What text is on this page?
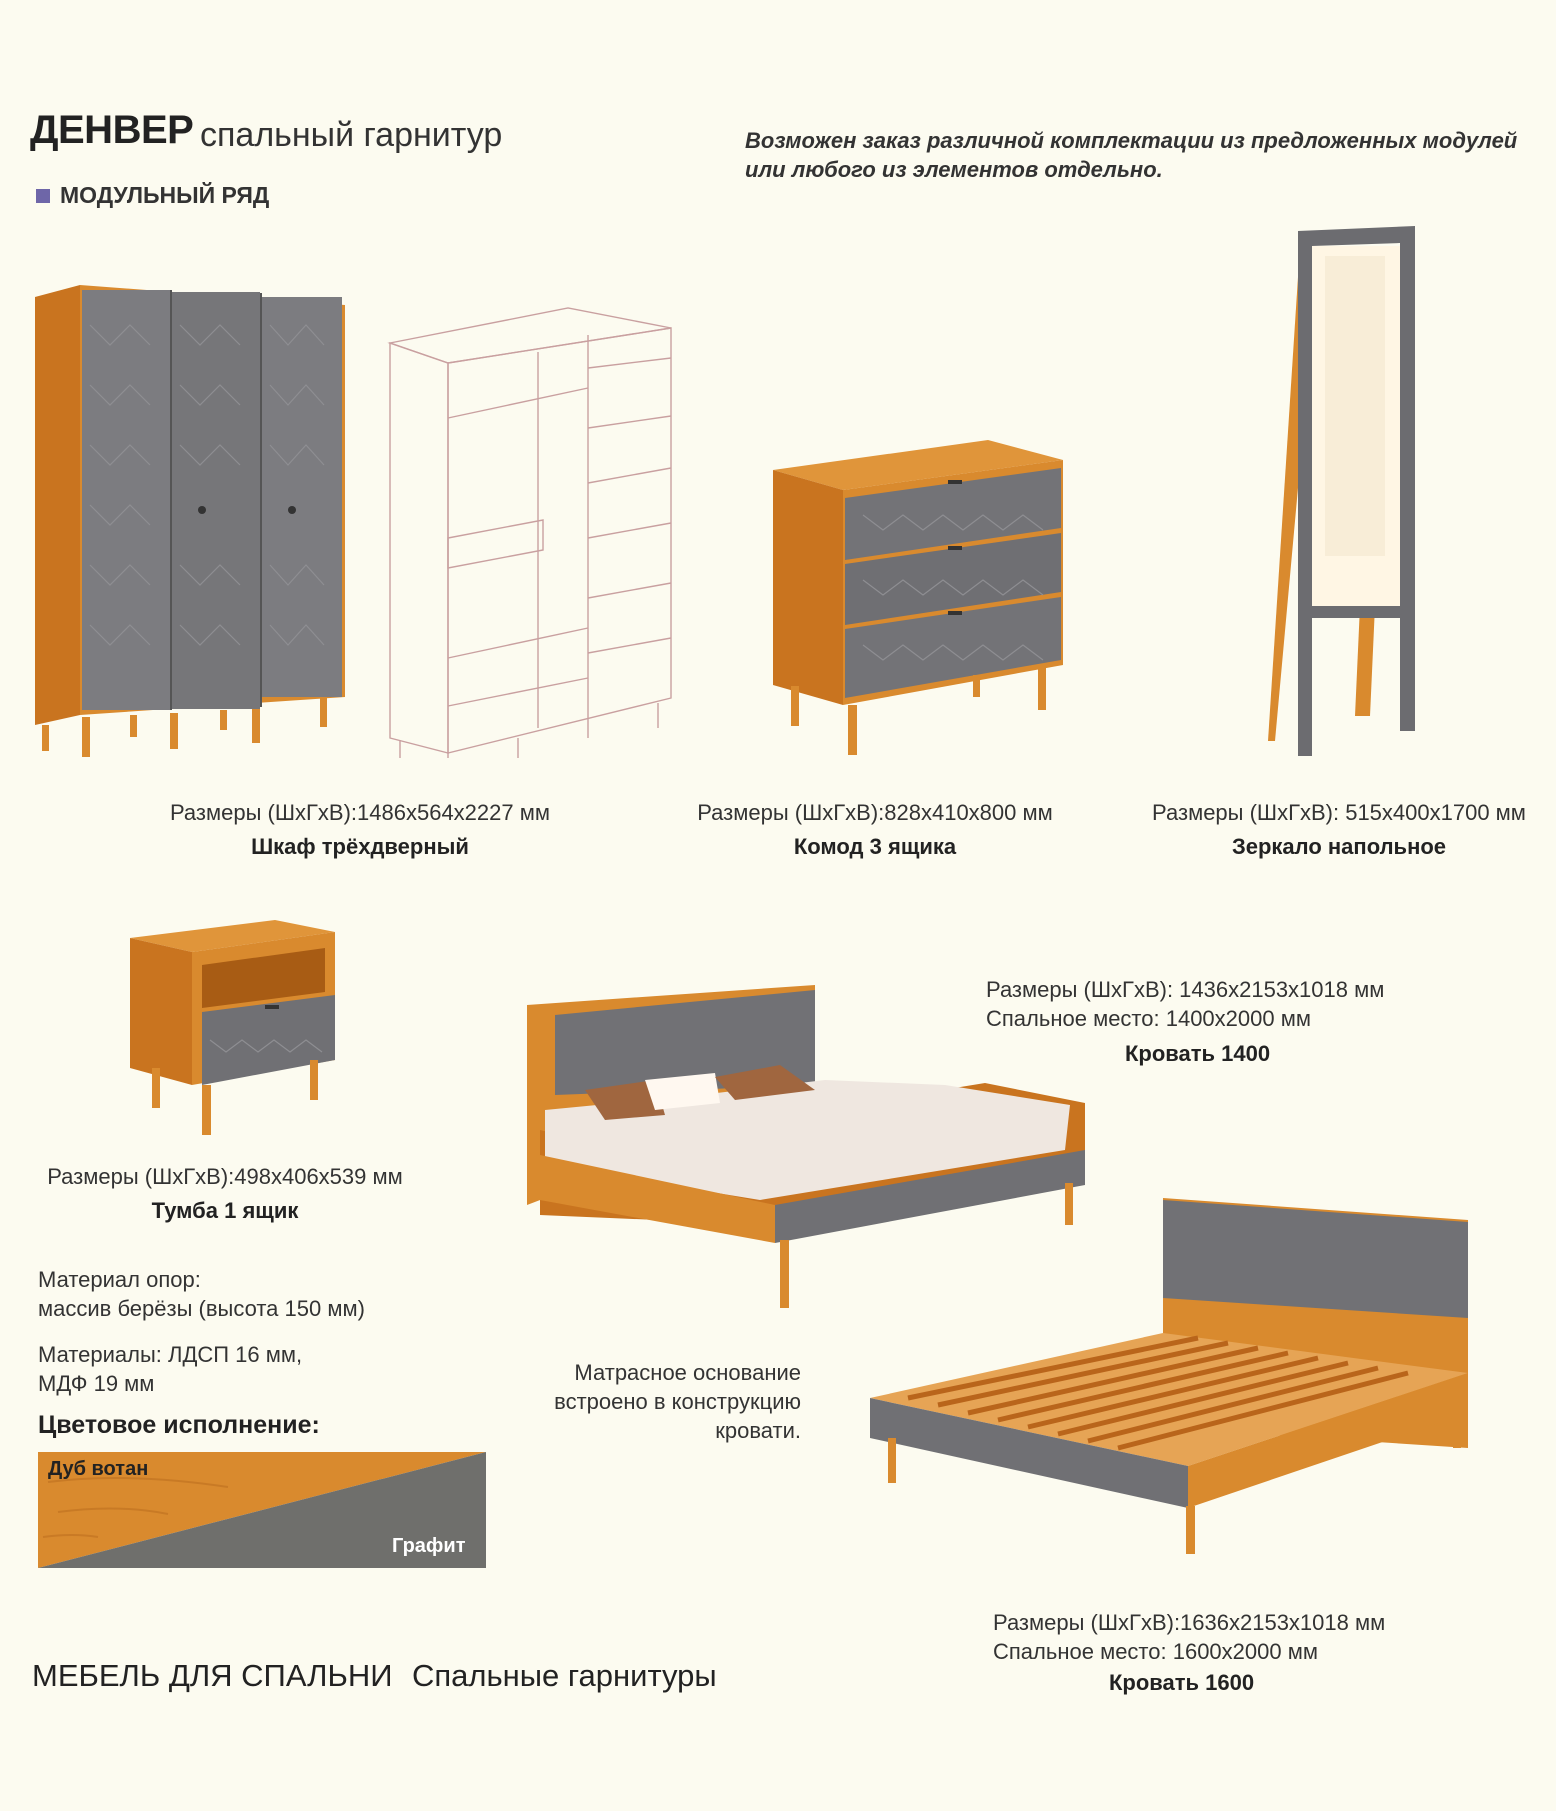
ДЕНВЕР спальный гарнитур
МОДУЛЬНЫЙ РЯД
Возможен заказ различной комплектации из предложенных модулей
или любого из элементов отдельно.
Размеры (ШхГхВ):1486х564х2227 мм
Шкаф трёхдверный
Размеры (ШхГхВ):828х410х800 мм
Комод 3 ящика
Размеры (ШхГхВ): 515х400х1700 мм
Зеркало напольное
Размеры (ШхГхВ):498х406х539 мм
Тумба 1 ящик
Размеры (ШхГхВ): 1436х2153х1018 мм
Спальное место: 1400х2000 мм
Кровать 1400
Матрасное основание
встроено в конструкцию
кровати.
Материал опор:
массив берёзы (высота 150 мм)
Материалы: ЛДСП 16 мм,
МДФ 19 мм
Цветовое исполнение:
Дуб вотан
Графит
Размеры (ШхГхВ):1636х2153х1018 мм
Спальное место: 1600х2000 мм
Кровать 1600
МЕБЕЛЬ ДЛЯ СПАЛЬНИ Спальные гарнитуры
